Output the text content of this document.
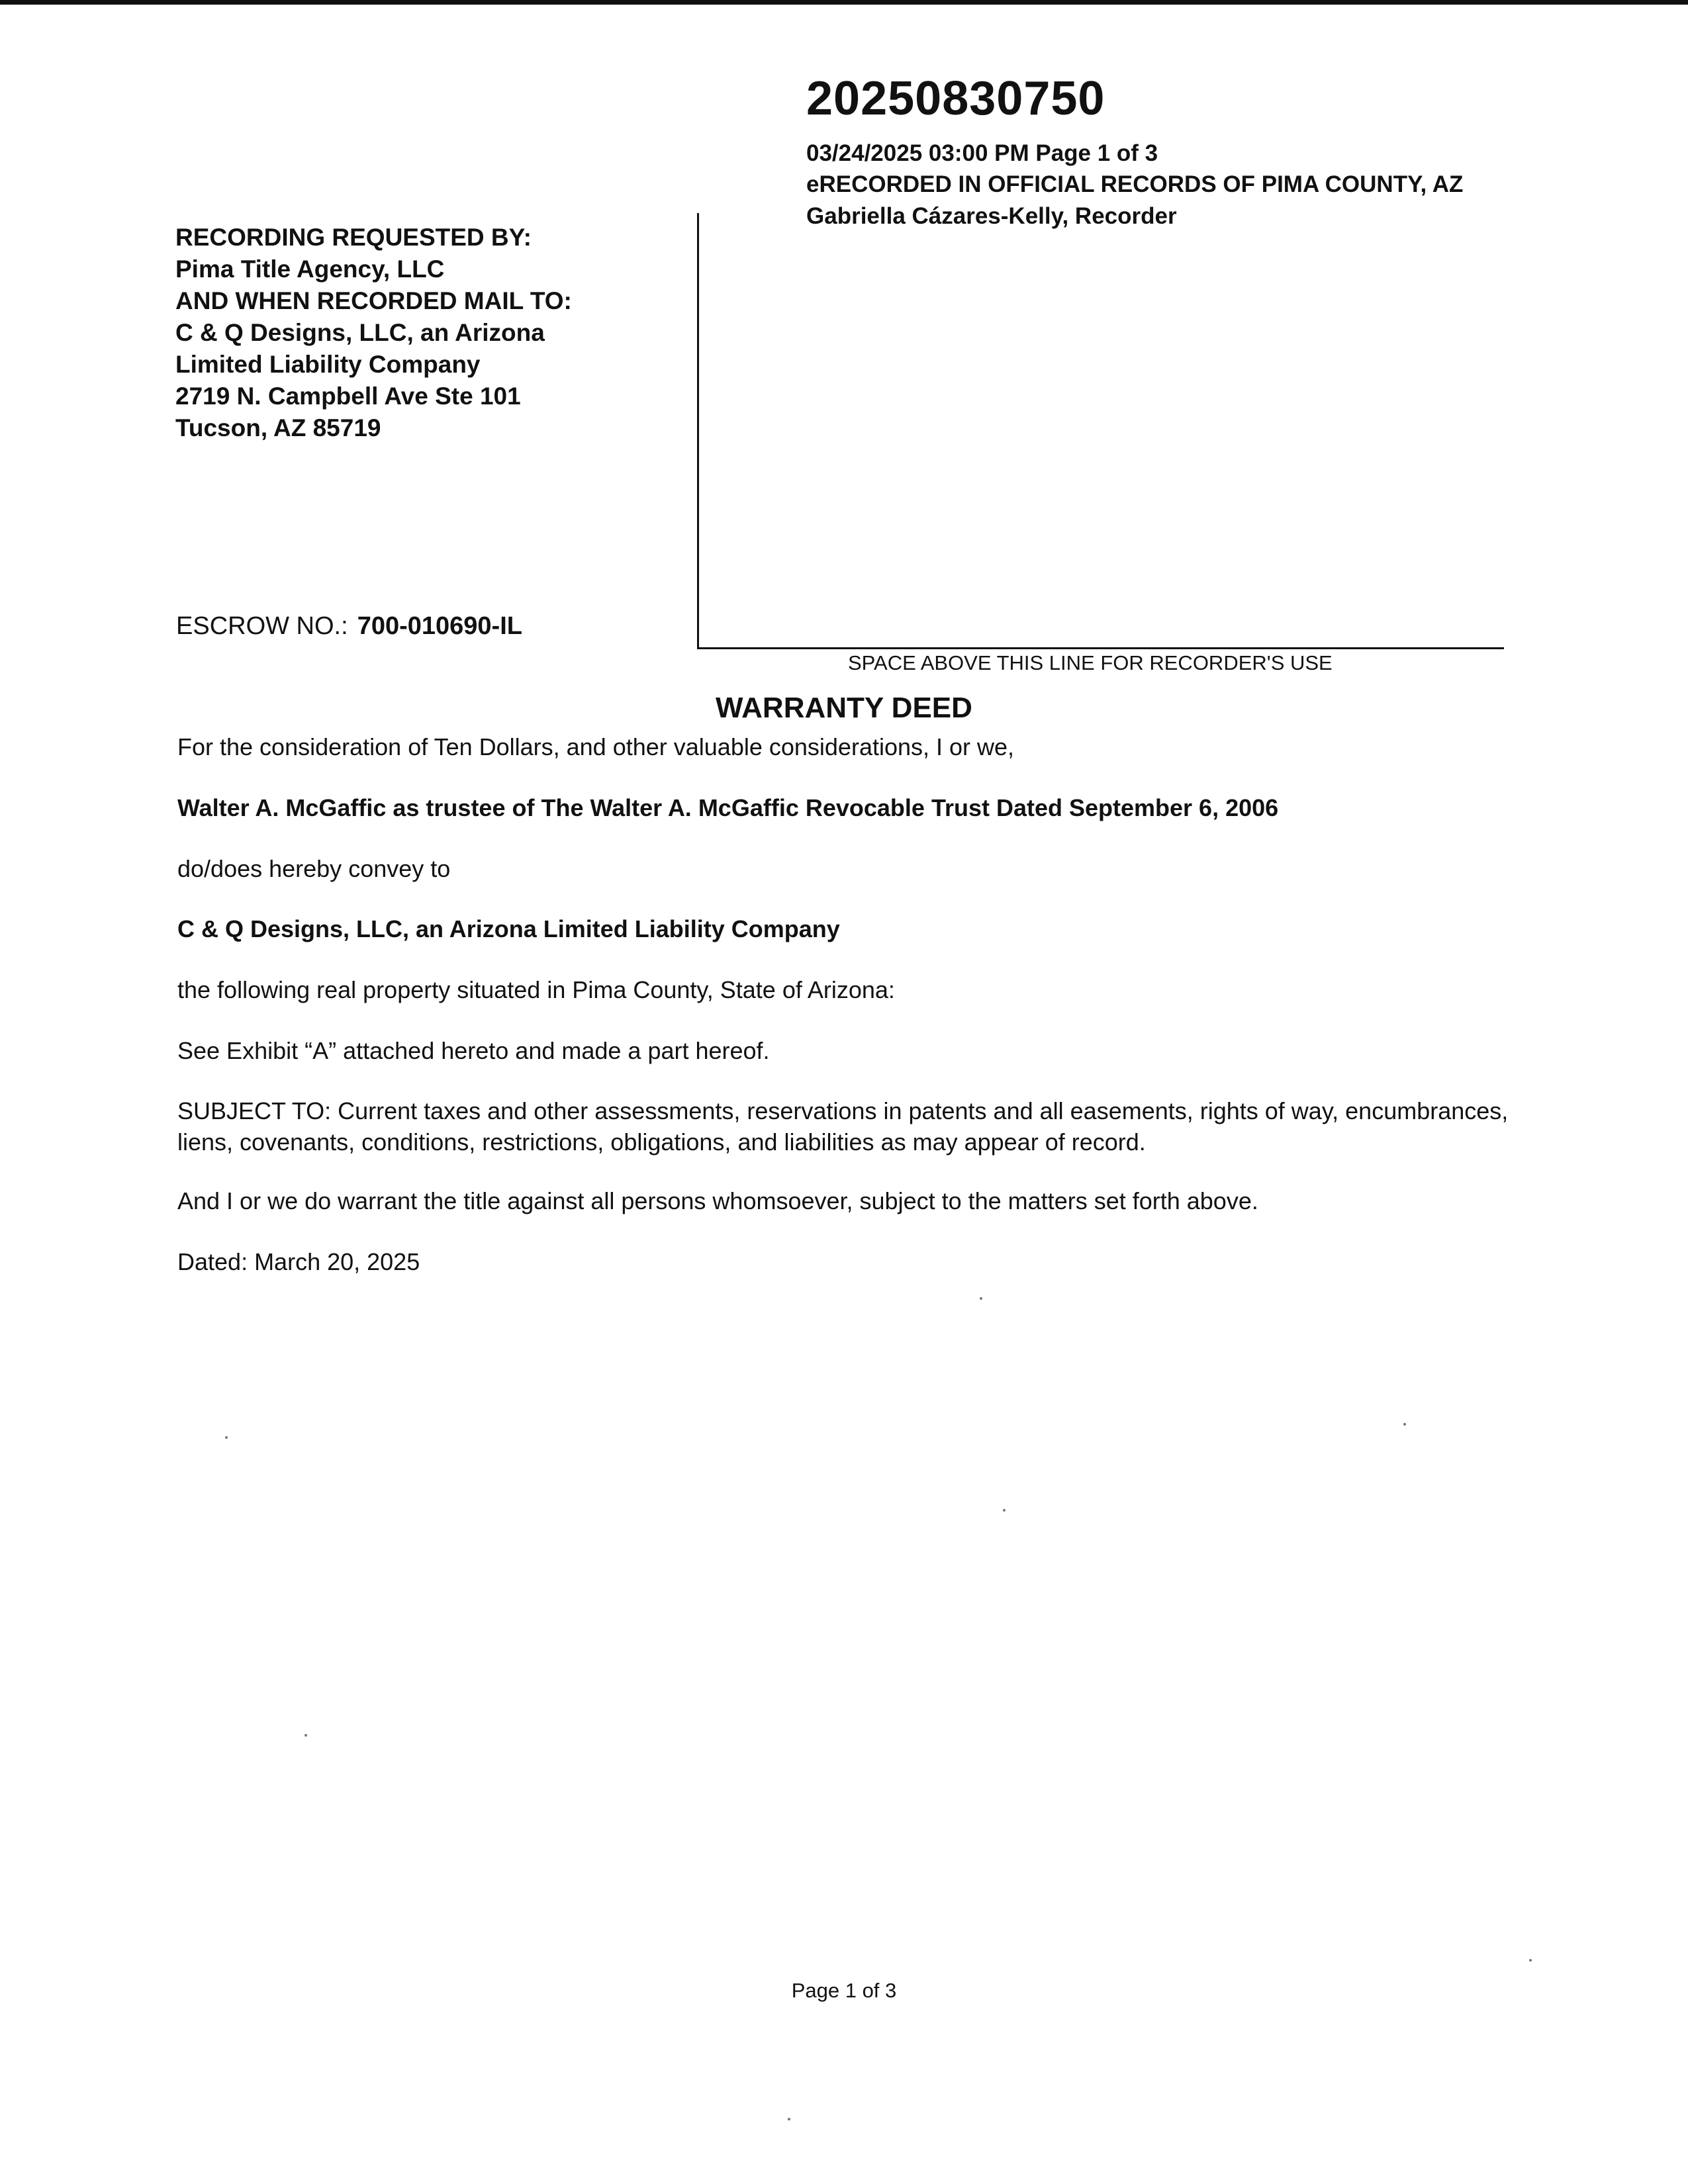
20250830750
03/24/2025 03:00 PM Page 1 of 3
eRECORDED IN OFFICIAL RECORDS OF PIMA COUNTY, AZ
Gabriella Cázares-Kelly, Recorder
RECORDING REQUESTED BY:
Pima Title Agency, LLC
AND WHEN RECORDED MAIL TO:
C & Q Designs, LLC, an Arizona
Limited Liability Company
2719 N. Campbell Ave Ste 101
Tucson, AZ 85719
ESCROW NO.: 700-010690-IL
SPACE ABOVE THIS LINE FOR RECORDER'S USE
WARRANTY DEED
For the consideration of Ten Dollars, and other valuable considerations, I or we,
Walter A. McGaffic as trustee of The Walter A. McGaffic Revocable Trust Dated September 6, 2006
do/does hereby convey to
C & Q Designs, LLC, an Arizona Limited Liability Company
the following real property situated in Pima County, State of Arizona:
See Exhibit “A” attached hereto and made a part hereof.
SUBJECT TO: Current taxes and other assessments, reservations in patents and all easements, rights of way, encumbrances, liens, covenants, conditions, restrictions, obligations, and liabilities as may appear of record.
And I or we do warrant the title against all persons whomsoever, subject to the matters set forth above.
Dated: March 20, 2025
Page 1 of 3
